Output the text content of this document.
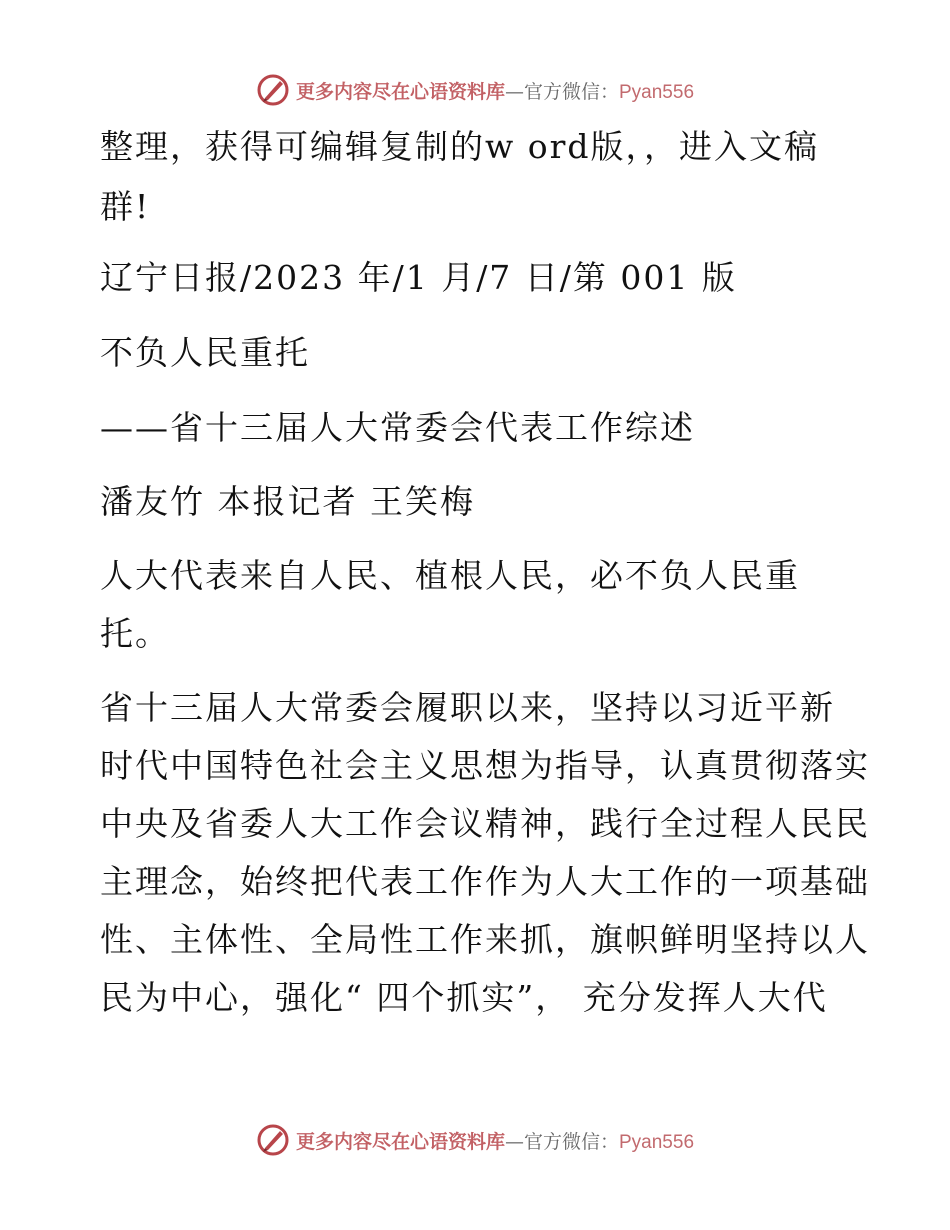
更多内容尽在心语资料库—官方微信：Pyan556
整理，获得可编辑复制的w ord版，，进入文稿
群!
辽宁日报/2023 年/1 月/7 日/第 001 版
不负人民重托
——省十三届人大常委会代表工作综述
潘友竹 本报记者 王笑梅
人大代表来自人民、植根人民，必不负人民重
托。
省十三届人大常委会履职以来，坚持以习近平新
时代中国特色社会主义思想为指导，认真贯彻落实
中央及省委人大工作会议精神，践行全过程人民民
主理念，始终把代表工作作为人大工作的一项基础
性、主体性、全局性工作来抓，旗帜鲜明坚持以人
民为中心，强化“ 四个抓实”， 充分发挥人大代
更多内容尽在心语资料库—官方微信：Pyan556
